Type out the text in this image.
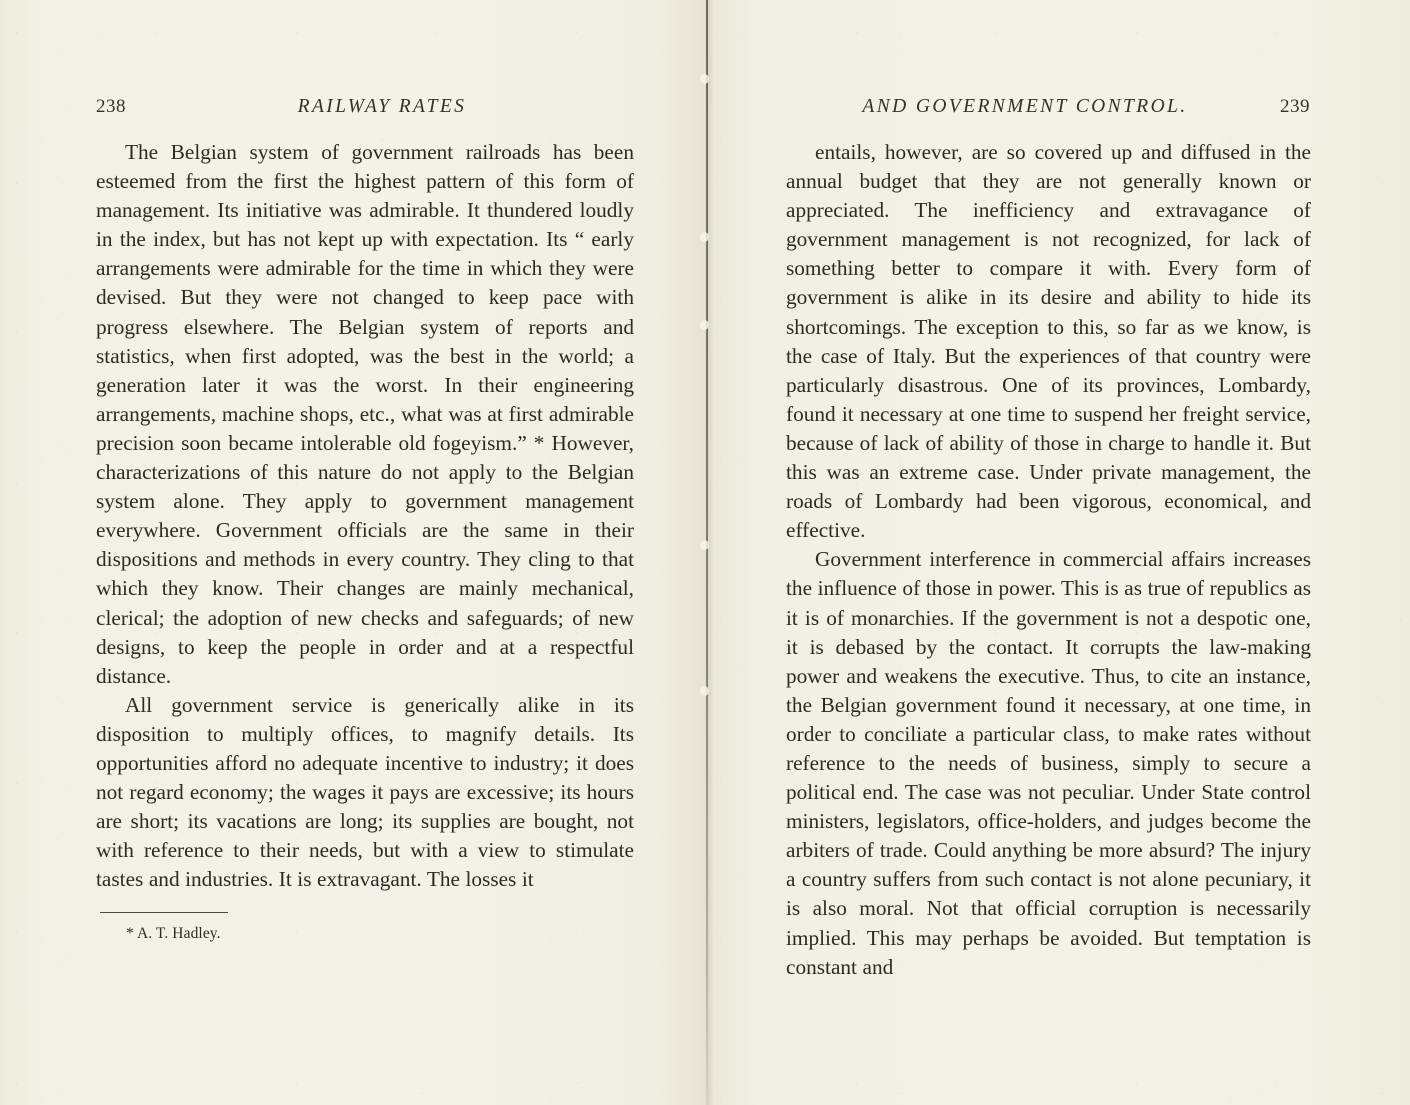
238	RAILWAY RATES

The Belgian system of government railroads has been esteemed from the first the highest pattern of this form of management. Its initiative was admirable. It thundered loudly in the index, but has not kept up with expectation. Its “ early arrangements were admirable for the time in which they were devised. But they were not changed to keep pace with progress elsewhere. The Belgian system of reports and statistics, when first adopted, was the best in the world; a generation later it was the worst. In their engineering arrangements, machine shops, etc., what was at first admirable precision soon became intolerable old fogeyism.” * However, characterizations of this nature do not apply to the Belgian system alone. They apply to government management everywhere. Government officials are the same in their dispositions and methods in every country. They cling to that which they know. Their changes are mainly mechanical, clerical; the adoption of new checks and safeguards; of new designs, to keep the people in order and at a respectful distance.

All government service is generically alike in its disposition to multiply offices, to magnify details. Its opportunities afford no adequate incentive to industry; it does not regard economy; the wages it pays are excessive; its hours are short; its vacations are long; its supplies are bought, not with reference to their needs, but with a view to stimulate tastes and industries. It is extravagant. The losses it

* A. T. Hadley.
AND GOVERNMENT CONTROL.	239

entails, however, are so covered up and diffused in the annual budget that they are not generally known or appreciated. The inefficiency and extravagance of government management is not recognized, for lack of something better to compare it with. Every form of government is alike in its desire and ability to hide its shortcomings. The exception to this, so far as we know, is the case of Italy. But the experiences of that country were particularly disastrous. One of its provinces, Lombardy, found it necessary at one time to suspend her freight service, because of lack of ability of those in charge to handle it. But this was an extreme case. Under private management, the roads of Lombardy had been vigorous, economical, and effective.

Government interference in commercial affairs increases the influence of those in power. This is as true of republics as it is of monarchies. If the government is not a despotic one, it is debased by the contact. It corrupts the law-making power and weakens the executive. Thus, to cite an instance, the Belgian government found it necessary, at one time, in order to conciliate a particular class, to make rates without reference to the needs of business, simply to secure a political end. The case was not peculiar. Under State control ministers, legislators, office-holders, and judges become the arbiters of trade. Could anything be more absurd? The injury a country suffers from such contact is not alone pecuniary, it is also moral. Not that official corruption is necessarily implied. This may perhaps be avoided. But temptation is constant and
